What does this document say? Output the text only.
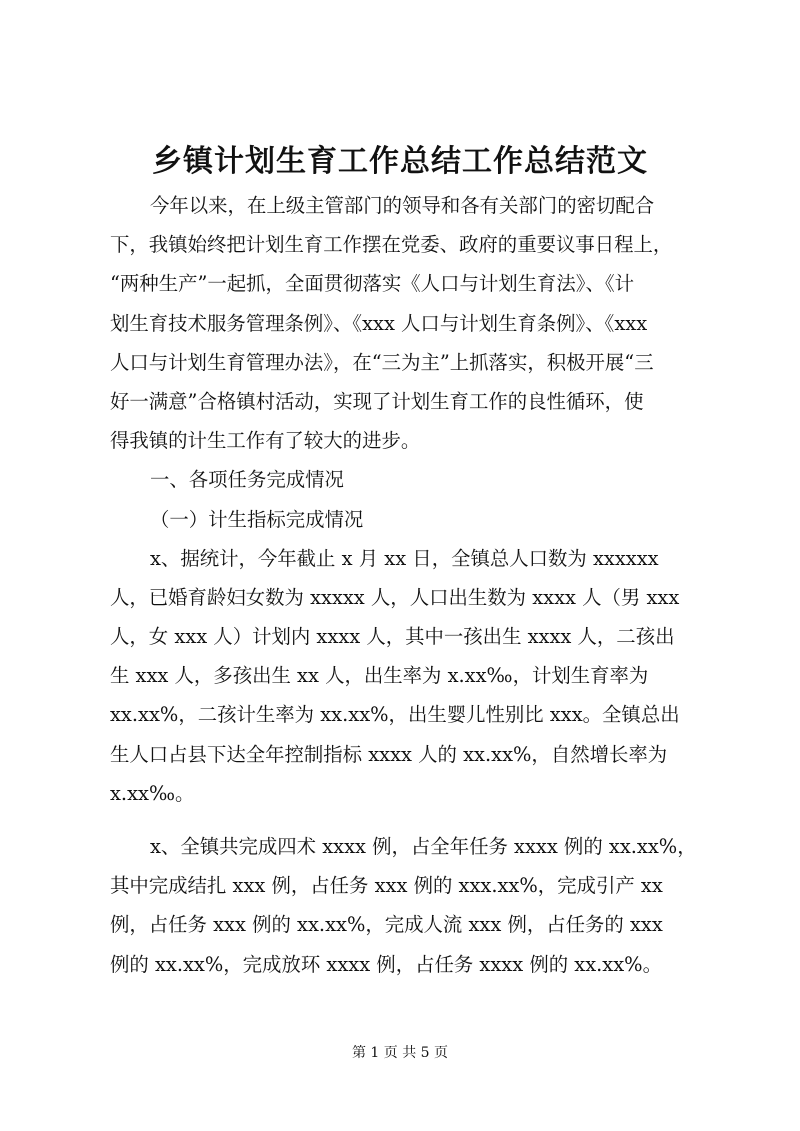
乡镇计划生育工作总结工作总结范文
今年以来，在上级主管部门的领导和各有关部门的密切配合
下，我镇始终把计划生育工作摆在党委、政府的重要议事日程上，
“两种生产”一起抓，全面贯彻落实《人口与计划生育法》、《计
划生育技术服务管理条例》、《xxx 人口与计划生育条例》、《xxx
人口与计划生育管理办法》，在“三为主”上抓落实，积极开展“三
好一满意”合格镇村活动，实现了计划生育工作的良性循环，使
得我镇的计生工作有了较大的进步。
一、各项任务完成情况
（一）计生指标完成情况
x、据统计，今年截止 x 月 xx 日，全镇总人口数为 xxxxxx
人，已婚育龄妇女数为 xxxxx 人，人口出生数为 xxxx 人（男 xxx
人，女 xxx 人）计划内 xxxx 人，其中一孩出生 xxxx 人，二孩出
生 xxx 人，多孩出生 xx 人，出生率为 x.xx‰，计划生育率为
xx.xx%，二孩计生率为 xx.xx%，出生婴儿性别比 xxx。全镇总出
生人口占县下达全年控制指标 xxxx 人的 xx.xx%，自然增长率为
x.xx‰。
x、全镇共完成四术 xxxx 例，占全年任务 xxxx 例的 xx.xx%，
其中完成结扎 xxx 例，占任务 xxx 例的 xxx.xx%，完成引产 xx
例，占任务 xxx 例的 xx.xx%，完成人流 xxx 例，占任务的 xxx
例的 xx.xx%，完成放环 xxxx 例，占任务 xxxx 例的 xx.xx%。
第 1 页 共 5 页
